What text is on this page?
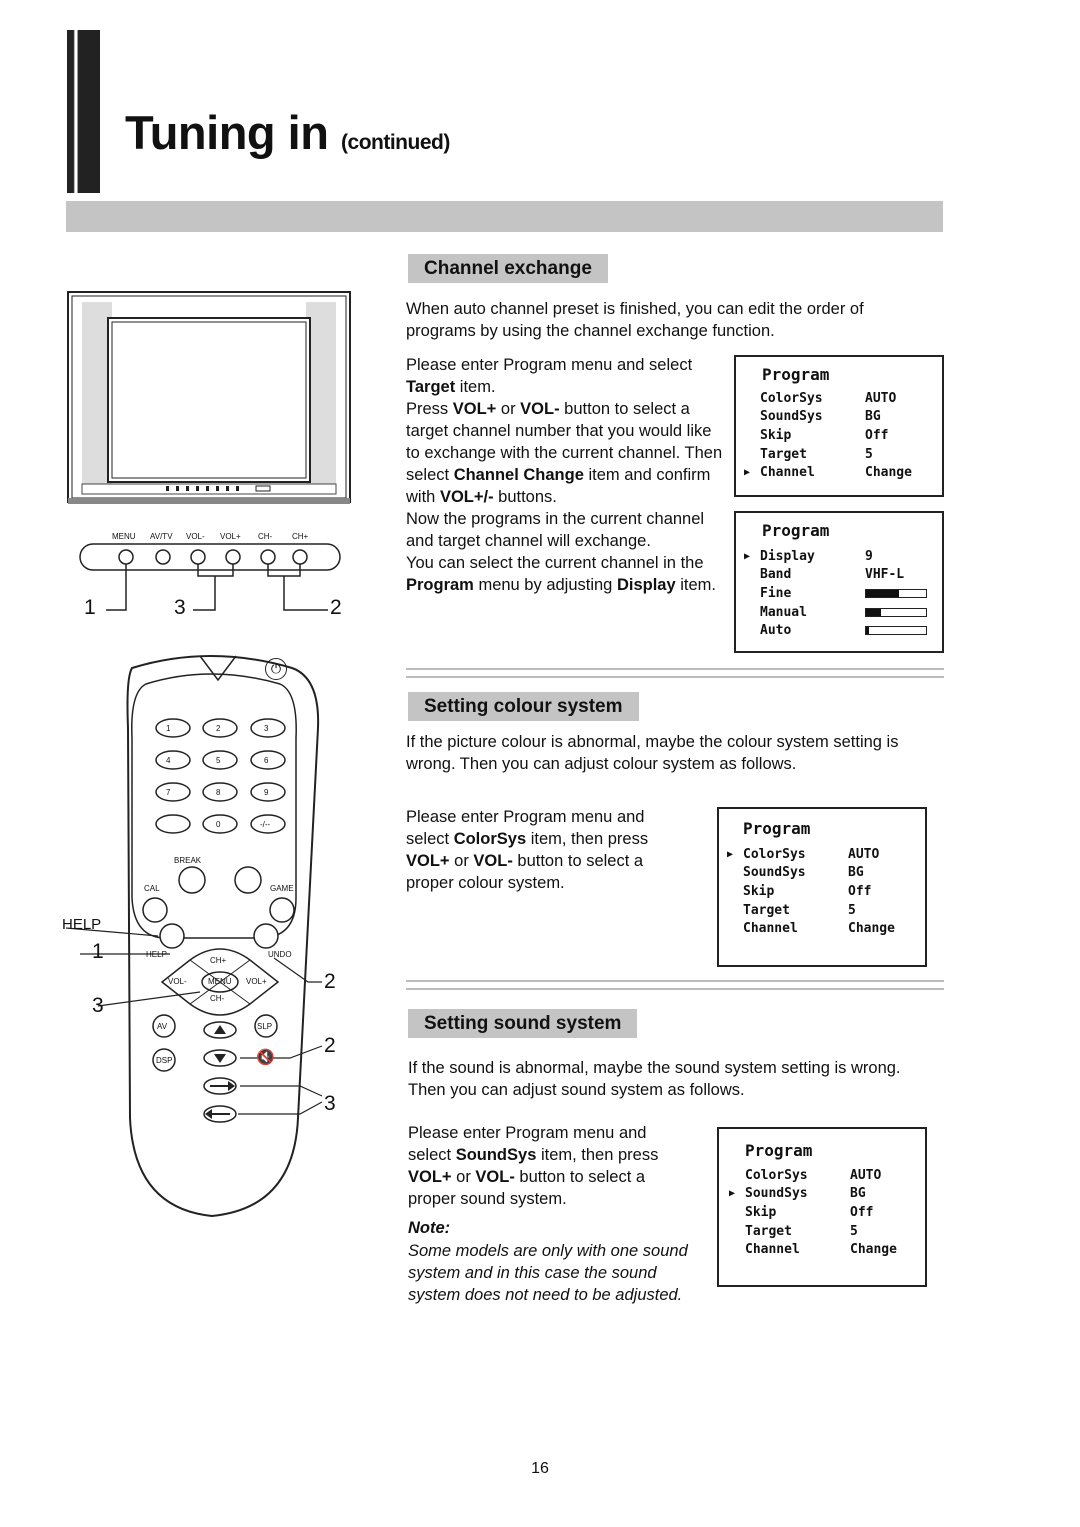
Tuning in (continued)
MENU AV/TV VOL- VOL+ CH- CH+
1	3	2
⏻
HELP
1	2	3
4	5	6
7	8	9
0	-/--
BREAK
CAL	GAME
HELP	UNDO
CH+
CH-
VOL-	VOL+
MENU
AV	SLP
DSP	🔇
1
3
2
2
3
Channel exchange
When auto channel preset is finished, you can edit the order of programs by using the channel exchange function.
Please enter Program menu and select Target item.
Press VOL+ or VOL- button to select a target channel number that you would like to exchange with the current channel. Then select Channel Change item and confirm with VOL+/- buttons.
Now the programs in the current channel and target channel will exchange.
You can select the current channel in the Program menu by adjusting Display item.
Program
	ColorSys	AUTO
	SoundSys	BG
	Skip	Off
	Target	5
▶	Channel	Change
Program
▶	Display	9
	Band	VHF-L
	Fine	

	Manual	

	Auto	
Setting colour system
If the picture colour is abnormal, maybe the colour system setting is wrong. Then you can adjust colour system as follows.
Please enter Program menu and select ColorSys item, then press VOL+ or VOL- button to select a proper colour system.
Program
▶	ColorSys	AUTO
	SoundSys	BG
	Skip	Off
	Target	5
	Channel	Change
Setting sound system
If the sound is abnormal, maybe the sound system setting is wrong. Then you can adjust sound system as follows.
Please enter Program menu and select SoundSys item, then press VOL+ or VOL- button to select a proper sound system.
Note:
Some models are only with one sound system and in this case the sound system does not need to be adjusted.
Program
	ColorSys	AUTO
▶	SoundSys	BG
	Skip	Off
	Target	5
	Channel	Change
16
